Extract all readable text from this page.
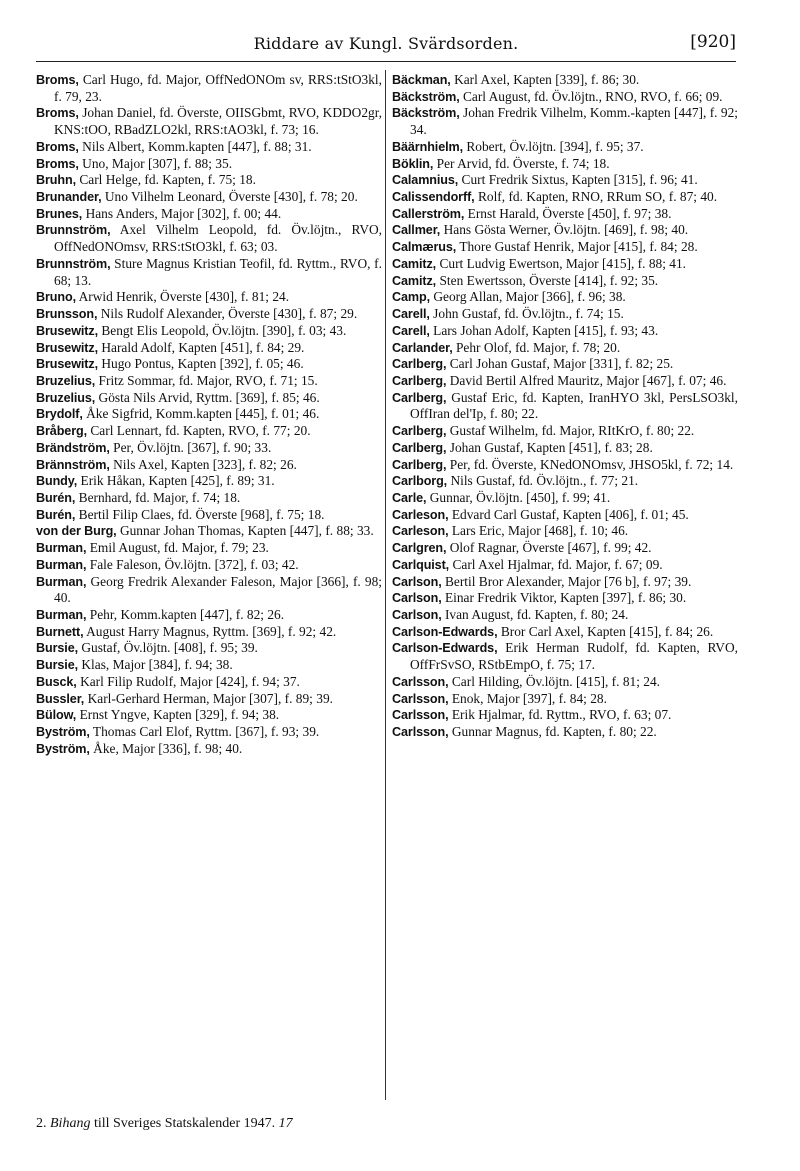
Riddare av Kungl. Svärdsorden.	[920]

Broms, Carl Hugo, fd. Major, OffNedONOm sv, RRS:tStO3kl, f. 79, 23.

Broms, Johan Daniel, fd. Överste, OIISGbmt, RVO, KDDO2gr, KNS:tOO, RBadZLO2kl, RRS:tAO3kl, f. 73; 16.

Broms, Nils Albert, Komm.kapten [447], f. 88; 31.

Broms, Uno, Major [307], f. 88; 35.

Bruhn, Carl Helge, fd. Kapten, f. 75; 18.

Brunander, Uno Vilhelm Leonard, Överste [430], f. 78; 20.

Brunes, Hans Anders, Major [302], f. 00; 44.

Brunnström, Axel Vilhelm Leopold, fd. Öv.löjtn., RVO, OffNedONOmsv, RRS:tStO3kl, f. 63; 03.

Brunnström, Sture Magnus Kristian Teofil, fd. Ryttm., RVO, f. 68; 13.

Bruno, Arwid Henrik, Överste [430], f. 81; 24.

Brunsson, Nils Rudolf Alexander, Överste [430], f. 87; 29.

Brusewitz, Bengt Elis Leopold, Öv.löjtn. [390], f. 03; 43.

Brusewitz, Harald Adolf, Kapten [451], f. 84; 29.

Brusewitz, Hugo Pontus, Kapten [392], f. 05; 46.

Bruzelius, Fritz Sommar, fd. Major, RVO, f. 71; 15.

Bruzelius, Gösta Nils Arvid, Ryttm. [369], f. 85; 46.

Brydolf, Åke Sigfrid, Komm.kapten [445], f. 01; 46.

Bråberg, Carl Lennart, fd. Kapten, RVO, f. 77; 20.

Brändström, Per, Öv.löjtn. [367], f. 90; 33.

Brännström, Nils Axel, Kapten [323], f. 82; 26.

Bundy, Erik Håkan, Kapten [425], f. 89; 31.

Burén, Bernhard, fd. Major, f. 74; 18.

Burén, Bertil Filip Claes, fd. Överste [968], f. 75; 18.

von der Burg, Gunnar Johan Thomas, Kapten [447], f. 88; 33.

Burman, Emil August, fd. Major, f. 79; 23.

Burman, Fale Faleson, Öv.löjtn. [372], f. 03; 42.

Burman, Georg Fredrik Alexander Faleson, Major [366], f. 98; 40.

Burman, Pehr, Komm.kapten [447], f. 82; 26.

Burnett, August Harry Magnus, Ryttm. [369], f. 92; 42.

Bursie, Gustaf, Öv.löjtn. [408], f. 95; 39.

Bursie, Klas, Major [384], f. 94; 38.

Busck, Karl Filip Rudolf, Major [424], f. 94; 37.

Bussler, Karl-Gerhard Herman, Major [307], f. 89; 39.

Bülow, Ernst Yngve, Kapten [329], f. 94; 38.

Byström, Thomas Carl Elof, Ryttm. [367], f. 93; 39.

Byström, Åke, Major [336], f. 98; 40.

Bäckman, Karl Axel, Kapten [339], f. 86; 30.

Bäckström, Carl August, fd. Öv.löjtn., RNO, RVO, f. 66; 09.

Bäckström, Johan Fredrik Vilhelm, Komm.-kapten [447], f. 92; 34.

Bäärnhielm, Robert, Öv.löjtn. [394], f. 95; 37.

Böklin, Per Arvid, fd. Överste, f. 74; 18.

Calamnius, Curt Fredrik Sixtus, Kapten [315], f. 96; 41.

Calissendorff, Rolf, fd. Kapten, RNO, RRum SO, f. 87; 40.

Callerström, Ernst Harald, Överste [450], f. 97; 38.

Callmer, Hans Gösta Werner, Öv.löjtn. [469], f. 98; 40.

Calmærus, Thore Gustaf Henrik, Major [415], f. 84; 28.

Camitz, Curt Ludvig Ewertson, Major [415], f. 88; 41.

Camitz, Sten Ewertsson, Överste [414], f. 92; 35.

Camp, Georg Allan, Major [366], f. 96; 38.

Carell, John Gustaf, fd. Öv.löjtn., f. 74; 15.

Carell, Lars Johan Adolf, Kapten [415], f. 93; 43.

Carlander, Pehr Olof, fd. Major, f. 78; 20.

Carlberg, Carl Johan Gustaf, Major [331], f. 82; 25.

Carlberg, David Bertil Alfred Mauritz, Major [467], f. 07; 46.

Carlberg, Gustaf Eric, fd. Kapten, IranHYO 3kl, PersLSO3kl, OffIran del'Ip, f. 80; 22.

Carlberg, Gustaf Wilhelm, fd. Major, RItKrO, f. 80; 22.

Carlberg, Johan Gustaf, Kapten [451], f. 83; 28.

Carlberg, Per, fd. Överste, KNedONOmsv, JHSO5kl, f. 72; 14.

Carlborg, Nils Gustaf, fd. Öv.löjtn., f. 77; 21.

Carle, Gunnar, Öv.löjtn. [450], f. 99; 41.

Carleson, Edvard Carl Gustaf, Kapten [406], f. 01; 45.

Carleson, Lars Eric, Major [468], f. 10; 46.

Carlgren, Olof Ragnar, Överste [467], f. 99; 42.

Carlquist, Carl Axel Hjalmar, fd. Major, f. 67; 09.

Carlson, Bertil Bror Alexander, Major [76 b], f. 97; 39.

Carlson, Einar Fredrik Viktor, Kapten [397], f. 86; 30.

Carlson, Ivan August, fd. Kapten, f. 80; 24.

Carlson-Edwards, Bror Carl Axel, Kapten [415], f. 84; 26.

Carlson-Edwards, Erik Herman Rudolf, fd. Kapten, RVO, OffFrSvSO, RStbEmpO, f. 75; 17.

Carlsson, Carl Hilding, Öv.löjtn. [415], f. 81; 24.

Carlsson, Enok, Major [397], f. 84; 28.

Carlsson, Erik Hjalmar, fd. Ryttm., RVO, f. 63; 07.

Carlsson, Gunnar Magnus, fd. Kapten, f. 80; 22.

2. Bihang till Sveriges Statskalender 1947. 17
